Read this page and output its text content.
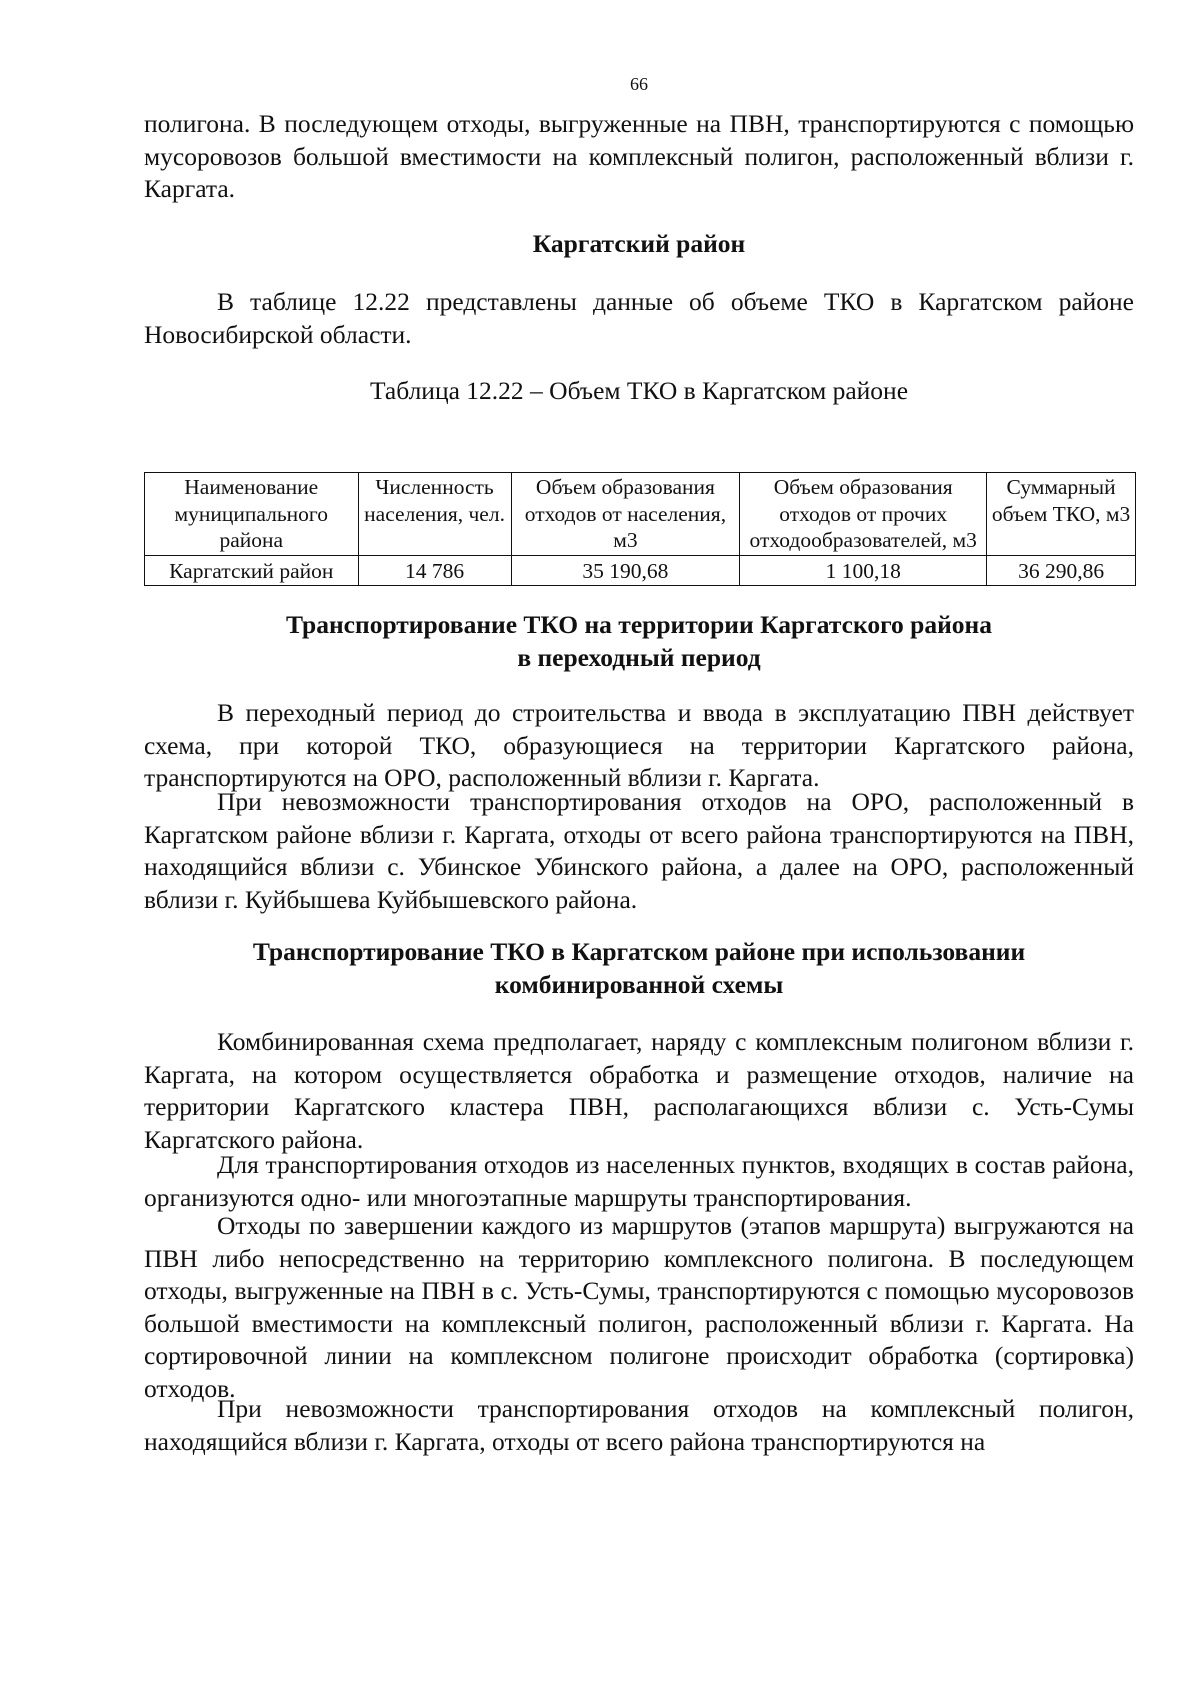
66

полигона. В последующем отходы, выгруженные на ПВН, транспортируются с помощью мусоровозов большой вместимости на комплексный полигон, расположенный вблизи г. Каргата.

Каргатский район

В таблице 12.22 представлены данные об объеме ТКО в Каргатском районе Новосибирской области.

Таблица 12.22 – Объем ТКО в Каргатском районе

Наименование муниципального района	Численность населения, чел.	Объем образования отходов от населения, м3	Объем образования отходов от прочих отходообразователей, м3	Суммарный объем ТКО, м3
Каргатский район	14 786	35 190,68	1 100,18	36 290,86
Транспортирование ТКО на территории Каргатского района
в переходный период

В переходный период до строительства и ввода в эксплуатацию ПВН действует схема, при которой ТКО, образующиеся на территории Каргатского района, транспортируются на ОРО, расположенный вблизи г. Каргата.

При невозможности транспортирования отходов на ОРО, расположенный в Каргатском районе вблизи г. Каргата, отходы от всего района транспортируются на ПВН, находящийся вблизи с. Убинское Убинского района, а далее на ОРО, расположенный вблизи г. Куйбышева Куйбышевского района.

Транспортирование ТКО в Каргатском районе при использовании
комбинированной схемы

Комбинированная схема предполагает, наряду с комплексным полигоном вблизи г. Каргата, на котором осуществляется обработка и размещение отходов, наличие на территории Каргатского кластера ПВН, располагающихся вблизи с. Усть-Сумы Каргатского района.

Для транспортирования отходов из населенных пунктов, входящих в состав района, организуются одно- или многоэтапные маршруты транспортирования.

Отходы по завершении каждого из маршрутов (этапов маршрута) выгружаются на ПВН либо непосредственно на территорию комплексного полигона. В последующем отходы, выгруженные на ПВН в с. Усть-Сумы, транспортируются с помощью мусоровозов большой вместимости на комплексный полигон, расположенный вблизи г. Каргата. На сортировочной линии на комплексном полигоне происходит обработка (сортировка) отходов.

При невозможности транспортирования отходов на комплексный полигон, находящийся вблизи г. Каргата, отходы от всего района транспортируются на
